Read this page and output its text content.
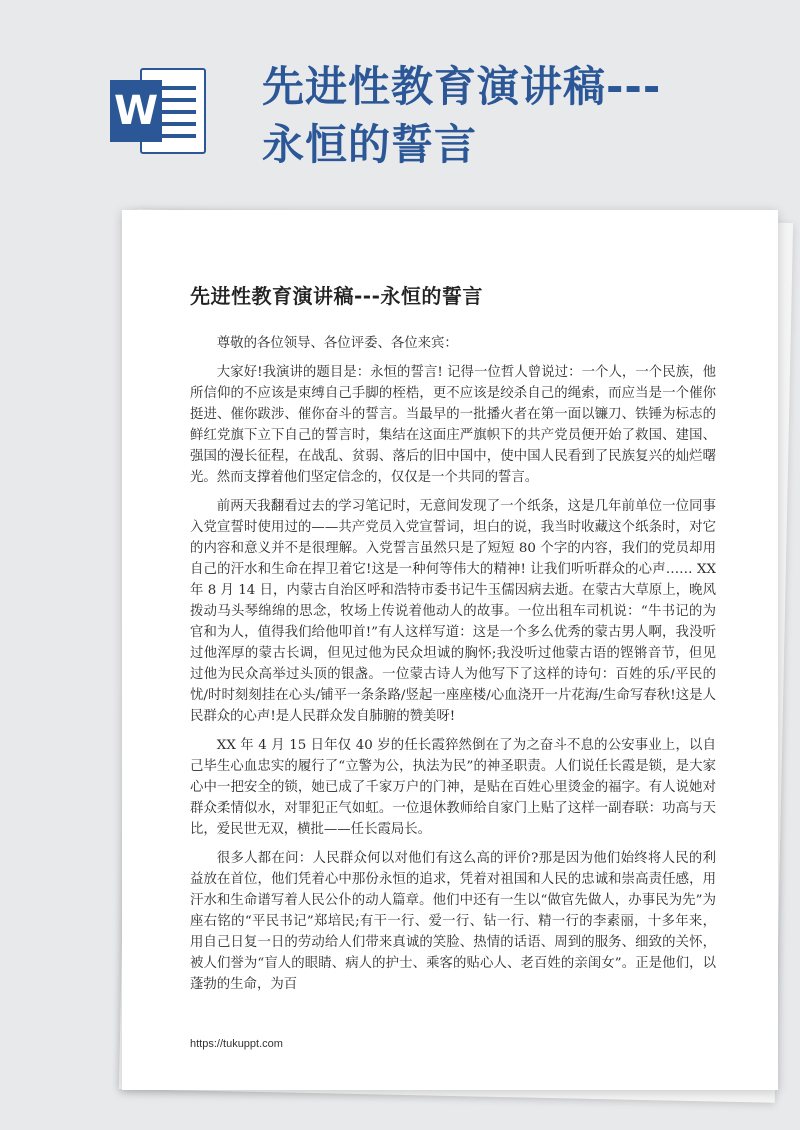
W 先进性教育演讲稿---永恒的誓言
先进性教育演讲稿---永恒的誓言

尊敬的各位领导、各位评委、各位来宾：

大家好!我演讲的题目是：永恒的誓言! 记得一位哲人曾说过：一个人，一个民族，他所信仰的不应该是束缚自己手脚的桎梏，更不应该是绞杀自己的绳索，而应当是一个催你挺进、催你跋涉、催你奋斗的誓言。当最早的一批播火者在第一面以镰刀、铁锤为标志的鲜红党旗下立下自己的誓言时，集结在这面庄严旗帜下的共产党员便开始了救国、建国、强国的漫长征程，在战乱、贫弱、落后的旧中国中，使中国人民看到了民族复兴的灿烂曙光。然而支撑着他们坚定信念的，仅仅是一个共同的誓言。

前两天我翻看过去的学习笔记时，无意间发现了一个纸条，这是几年前单位一位同事入党宣誓时使用过的——共产党员入党宣誓词，坦白的说，我当时收藏这个纸条时，对它的内容和意义并不是很理解。入党誓言虽然只是了短短 80 个字的内容，我们的党员却用自己的汗水和生命在捍卫着它!这是一种何等伟大的精神! 让我们听听群众的心声…… XX 年 8 月 14 日，内蒙古自治区呼和浩特市委书记牛玉儒因病去逝。在蒙古大草原上，晚风拨动马头琴绵绵的思念，牧场上传说着他动人的故事。一位出租车司机说：“牛书记的为官和为人，值得我们给他叩首!”有人这样写道：这是一个多么优秀的蒙古男人啊，我没听过他浑厚的蒙古长调，但见过他为民众坦诚的胸怀;我没听过他蒙古语的铿锵音节，但见过他为民众高举过头顶的银盏。一位蒙古诗人为他写下了这样的诗句：百姓的乐/平民的忧/时时刻刻挂在心头/铺平一条条路/竖起一座座楼/心血浇开一片花海/生命写春秋!这是人民群众的心声!是人民群众发自肺腑的赞美呀!

XX 年 4 月 15 日年仅 40 岁的任长霞猝然倒在了为之奋斗不息的公安事业上，以自己毕生心血忠实的履行了“立警为公，执法为民”的神圣职责。人们说任长霞是锁，是大家心中一把安全的锁，她已成了千家万户的门神，是贴在百姓心里烫金的福字。有人说她对群众柔情似水，对罪犯正气如虹。一位退休教师给自家门上贴了这样一副春联：功高与天比，爱民世无双，横批——任长霞局长。

很多人都在问：人民群众何以对他们有这么高的评价?那是因为他们始终将人民的利益放在首位，他们凭着心中那份永恒的追求，凭着对祖国和人民的忠诚和崇高责任感，用汗水和生命谱写着人民公仆的动人篇章。他们中还有一生以“做官先做人，办事民为先”为座右铭的“平民书记”郑培民;有干一行、爱一行、钻一行、精一行的李素丽，十多年来，用自己日复一日的劳动给人们带来真诚的笑脸、热情的话语、周到的服务、细致的关怀，被人们誉为“盲人的眼睛、病人的护士、乘客的贴心人、老百姓的亲闺女”。正是他们，以蓬勃的生命，为百

https://tukuppt.com
